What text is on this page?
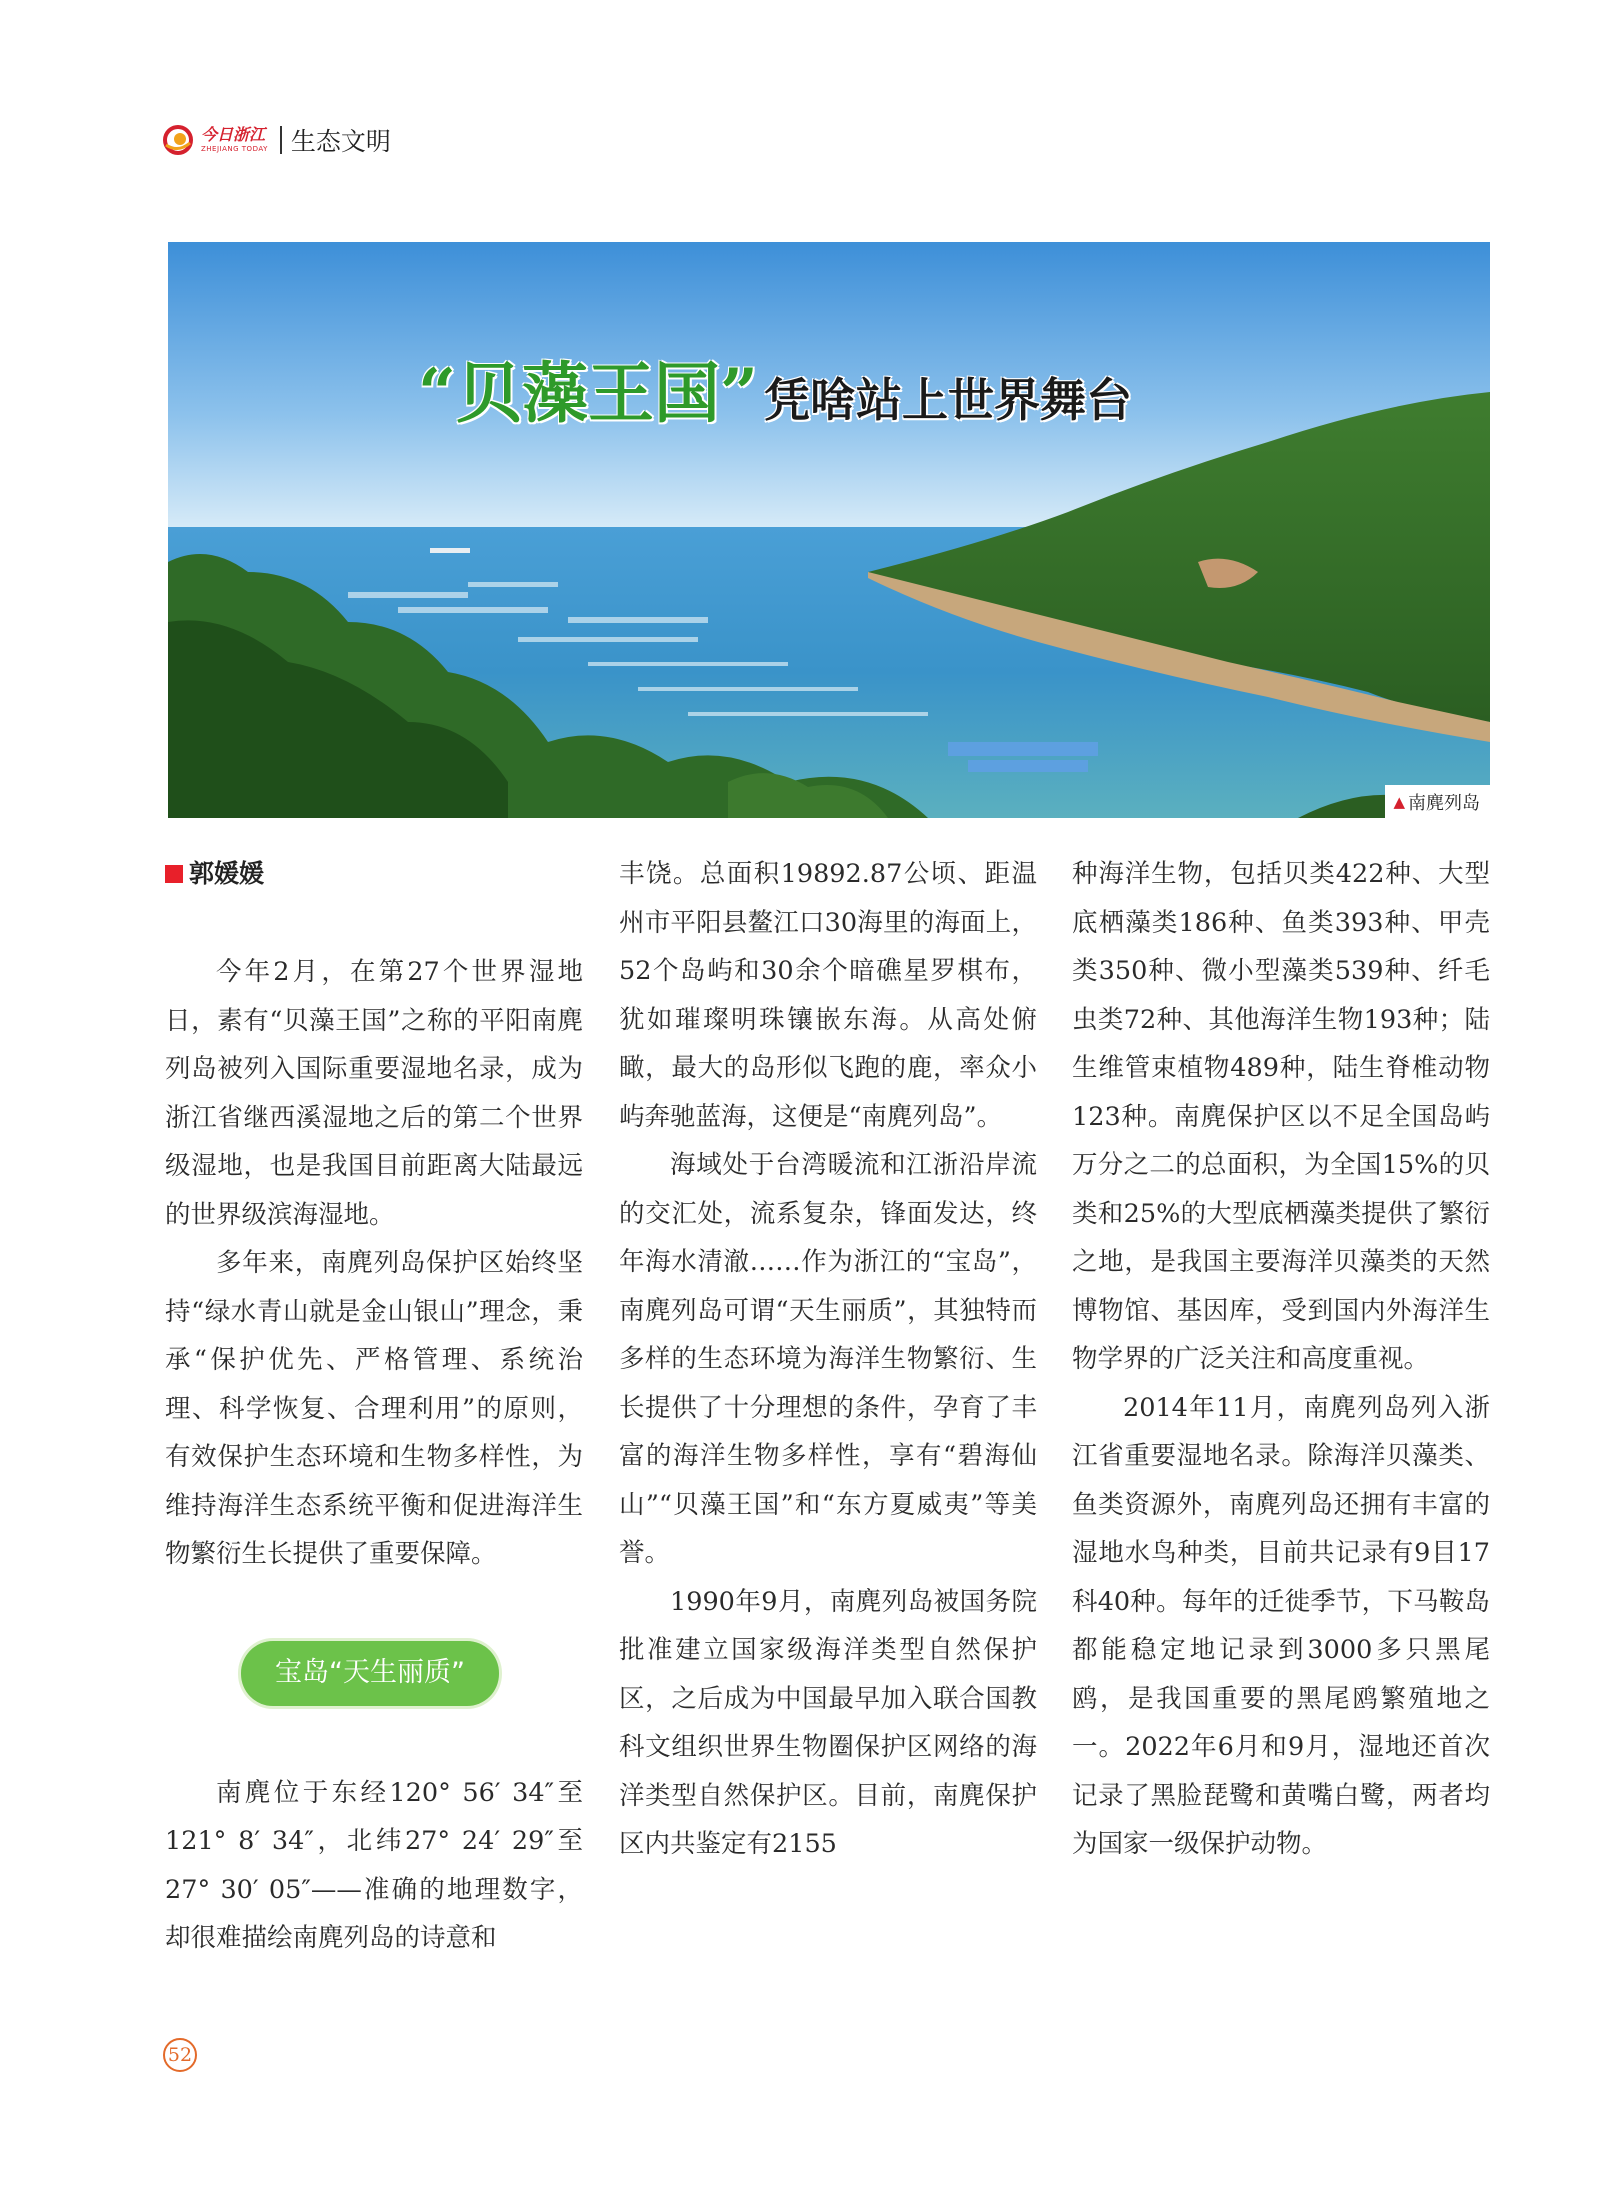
今日浙江
ZHEJIANG TODAY 生态文明
“贝藻王国” 凭啥站上世界舞台
▲ 南麂列岛
郭媛媛

今年2月，在第27个世界湿地日，素有“贝藻王国”之称的平阳南麂列岛被列入国际重要湿地名录，成为浙江省继西溪湿地之后的第二个世界级湿地，也是我国目前距离大陆最远的世界级滨海湿地。

多年来，南麂列岛保护区始终坚持“绿水青山就是金山银山”理念，秉承“保护优先、严格管理、系统治理、科学恢复、合理利用”的原则，有效保护生态环境和生物多样性，为维持海洋生态系统平衡和促进海洋生物繁衍生长提供了重要保障。

宝岛“天生丽质”

南麂位于东经120° 56′ 34″至121° 8′ 34″，北纬27° 24′ 29″至27° 30′ 05″——准确的地理数字，却很难描绘南麂列岛的诗意和

丰饶。总面积19892.87公顷、距温州市平阳县鳌江口30海里的海面上，52个岛屿和30余个暗礁星罗棋布，犹如璀璨明珠镶嵌东海。从高处俯瞰，最大的岛形似飞跑的鹿，率众小屿奔驰蓝海，这便是“南麂列岛”。

海域处于台湾暖流和江浙沿岸流的交汇处，流系复杂，锋面发达，终年海水清澈……作为浙江的“宝岛”，南麂列岛可谓“天生丽质”，其独特而多样的生态环境为海洋生物繁衍、生长提供了十分理想的条件，孕育了丰富的海洋生物多样性，享有“碧海仙山”“贝藻王国”和“东方夏威夷”等美誉。

1990年9月，南麂列岛被国务院批准建立国家级海洋类型自然保护区，之后成为中国最早加入联合国教科文组织世界生物圈保护区网络的海洋类型自然保护区。目前，南麂保护区内共鉴定有2155

种海洋生物，包括贝类422种、大型底栖藻类186种、鱼类393种、甲壳类350种、微小型藻类539种、纤毛虫类72种、其他海洋生物193种；陆生维管束植物489种，陆生脊椎动物123种。南麂保护区以不足全国岛屿万分之二的总面积，为全国15%的贝类和25%的大型底栖藻类提供了繁衍之地，是我国主要海洋贝藻类的天然博物馆、基因库，受到国内外海洋生物学界的广泛关注和高度重视。

2014年11月，南麂列岛列入浙江省重要湿地名录。除海洋贝藻类、鱼类资源外，南麂列岛还拥有丰富的湿地水鸟种类，目前共记录有9目17科40种。每年的迁徙季节，下马鞍岛都能稳定地记录到3000多只黑尾鸥，是我国重要的黑尾鸥繁殖地之一。2022年6月和9月，湿地还首次记录了黑脸琵鹭和黄嘴白鹭，两者均为国家一级保护动物。

52
